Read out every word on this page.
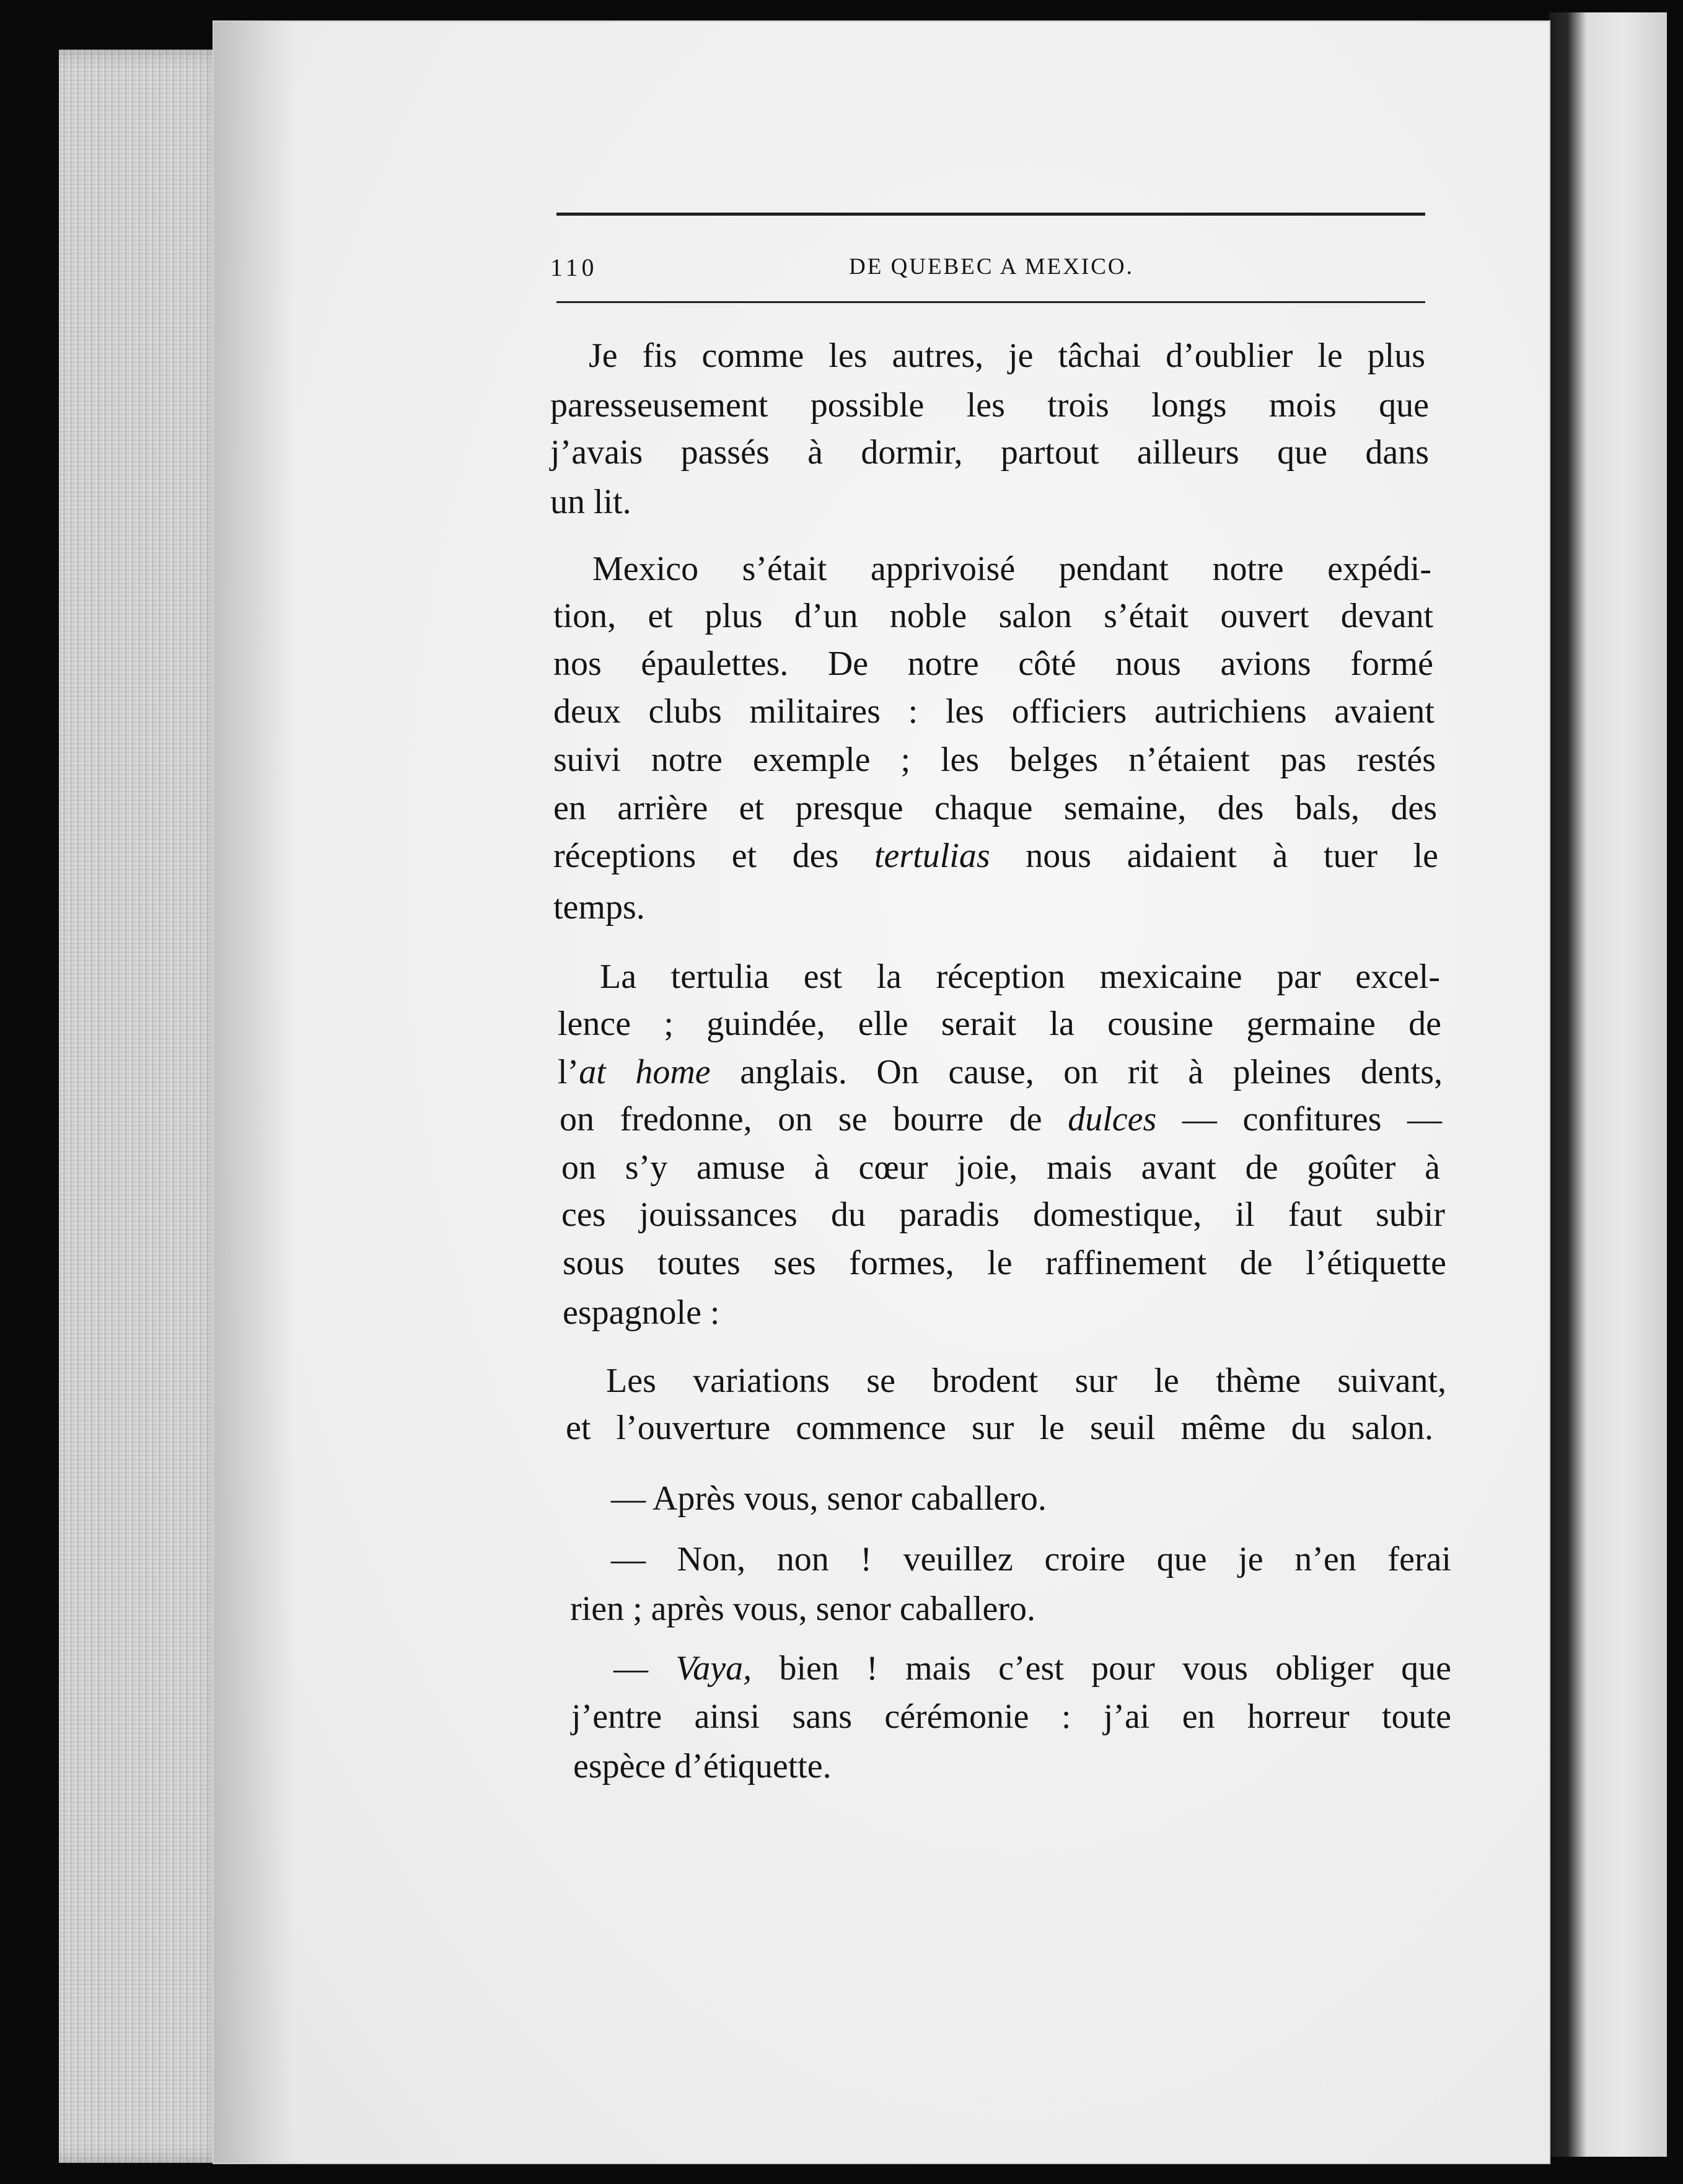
110	DE QUEBEC A MEXICO.
Je fis comme les autres, je tâchai d’oublier le plus
paresseusement possible les trois longs mois que
j’avais passés à dormir, partout ailleurs que dans
un lit.
Mexico s’était apprivoisé pendant notre expédi-
tion, et plus d’un noble salon s’était ouvert devant
nos épaulettes. De notre côté nous avions formé
deux clubs militaires : les officiers autrichiens avaient
suivi notre exemple ; les belges n’étaient pas restés
en arrière et presque chaque semaine, des bals, des
réceptions et des tertulias nous aidaient à tuer le
temps.
La tertulia est la réception mexicaine par excel-
lence ; guindée, elle serait la cousine germaine de
l’at home anglais. On cause, on rit à pleines dents,
on fredonne, on se bourre de dulces — confitures —
on s’y amuse à cœur joie, mais avant de goûter à
ces jouissances du paradis domestique, il faut subir
sous toutes ses formes, le raffinement de l’étiquette
espagnole :
Les variations se brodent sur le thème suivant,
et l’ouverture commence sur le seuil même du salon.
— Après vous, senor caballero.
— Non, non ! veuillez croire que je n’en ferai
rien ; après vous, senor caballero.
— Vaya, bien ! mais c’est pour vous obliger que
j’entre ainsi sans cérémonie : j’ai en horreur toute
espèce d’étiquette.
